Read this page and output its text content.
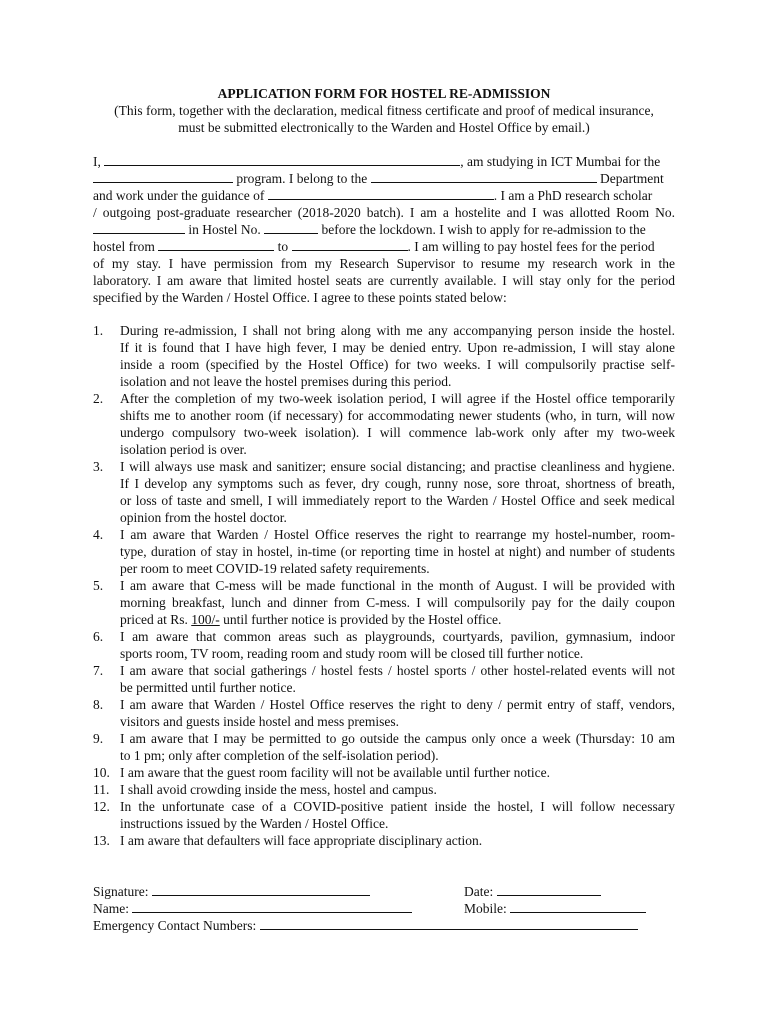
APPLICATION FORM FOR HOSTEL RE-ADMISSION
(This form, together with the declaration, medical fitness certificate and proof of medical insurance,
must be submitted electronically to the Warden and Hostel Office by email.)
I,	, am studying in ICT Mumbai for the
program. I belong to the	Department
and work under the guidance of	. I am a PhD research scholar
/ outgoing post-graduate researcher (2018-2020 batch). I am a hostelite and I was allotted Room No.
in Hostel No.	before the lockdown. I wish to apply for re-admission to the
hostel from	to	. I am willing to pay hostel fees for the period
of my stay. I have permission from my Research Supervisor to resume my research work in the
laboratory. I am aware that limited hostel seats are currently available. I will stay only for the period
specified by the Warden / Hostel Office. I agree to these points stated below:
1. During re-admission, I shall not bring along with me any accompanying person inside the hostel.
If it is found that I have high fever, I may be denied entry. Upon re-admission, I will stay alone
inside a room (specified by the Hostel Office) for two weeks. I will compulsorily practise self-
isolation and not leave the hostel premises during this period.
2. After the completion of my two-week isolation period, I will agree if the Hostel office temporarily
shifts me to another room (if necessary) for accommodating newer students (who, in turn, will now
undergo compulsory two-week isolation). I will commence lab-work only after my two-week
isolation period is over.
3. I will always use mask and sanitizer; ensure social distancing; and practise cleanliness and hygiene.
If I develop any symptoms such as fever, dry cough, runny nose, sore throat, shortness of breath,
or loss of taste and smell, I will immediately report to the Warden / Hostel Office and seek medical
opinion from the hostel doctor.
4. I am aware that Warden / Hostel Office reserves the right to rearrange my hostel-number, room-
type, duration of stay in hostel, in-time (or reporting time in hostel at night) and number of students
per room to meet COVID-19 related safety requirements.
5. I am aware that C-mess will be made functional in the month of August. I will be provided with
morning breakfast, lunch and dinner from C-mess. I will compulsorily pay for the daily coupon
priced at Rs. 100/- until further notice is provided by the Hostel office.
6. I am aware that common areas such as playgrounds, courtyards, pavilion, gymnasium, indoor
sports room, TV room, reading room and study room will be closed till further notice.
7. I am aware that social gatherings / hostel fests / hostel sports / other hostel-related events will not
be permitted until further notice.
8. I am aware that Warden / Hostel Office reserves the right to deny / permit entry of staff, vendors,
visitors and guests inside hostel and mess premises.
9. I am aware that I may be permitted to go outside the campus only once a week (Thursday: 10 am
to 1 pm; only after completion of the self-isolation period).
10. I am aware that the guest room facility will not be available until further notice.
11. I shall avoid crowding inside the mess, hostel and campus.
12. In the unfortunate case of a COVID-positive patient inside the hostel, I will follow necessary
instructions issued by the Warden / Hostel Office.
13. I am aware that defaulters will face appropriate disciplinary action.
Signature:	Date:
Name:	Mobile:
Emergency Contact Numbers:
